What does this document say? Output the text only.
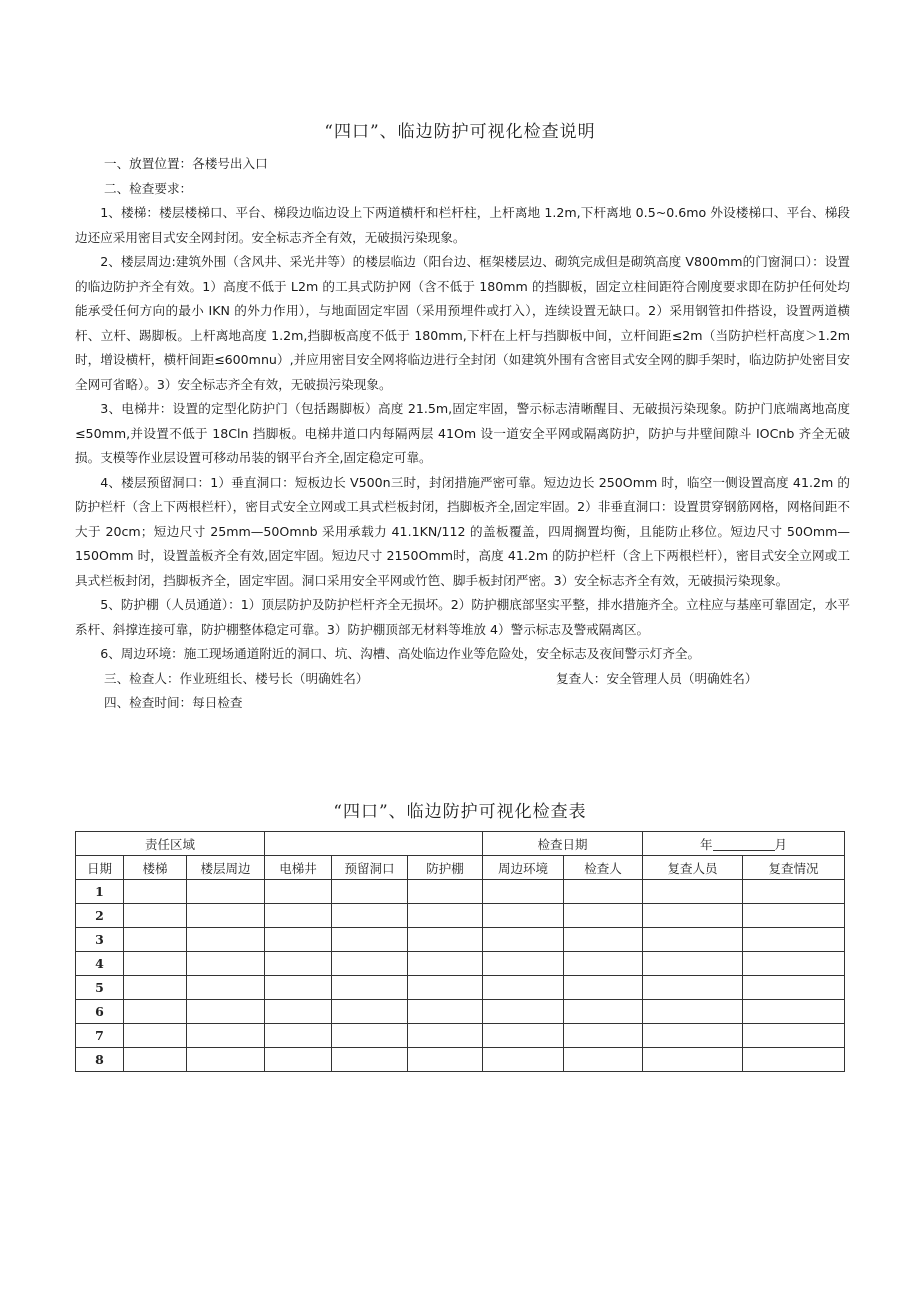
“四口”、临边防护可视化检查说明

一、放置位置：各楼号出入口

二、检查要求：

1、楼梯：楼层楼梯口、平台、梯段边临边设上下两道横杆和栏杆柱，上杆离地 1.2m,下杆离地 0.5~0.6mo 外设楼梯口、平台、梯段边还应采用密目式安全网封闭。安全标志齐全有效，无破损污染现象。

2、楼层周边:建筑外围（含风井、采光井等）的楼层临边（阳台边、框架楼层边、砌筑完成但是砌筑高度 V800mm的门窗洞口）：设置的临边防护齐全有效。1）高度不低于 L2m 的工具式防护网（含不低于 180mm 的挡脚板，固定立柱间距符合刚度要求即在防护任何处均能承受任何方向的最小 IKN 的外力作用），与地面固定牢固（采用预埋件或打入），连续设置无缺口。2）采用钢管扣件搭设，设置两道横杆、立杆、踢脚板。上杆离地高度 1.2m,挡脚板高度不低于 180mm,下杆在上杆与挡脚板中间，立杆间距≤2m（当防护栏杆高度＞1.2m 时，增设横杆，横杆间距≤600mnu）,并应用密目安全网将临边进行全封闭（如建筑外围有含密目式安全网的脚手架时，临边防护处密目安全网可省略）。3）安全标志齐全有效，无破损污染现象。

3、电梯井：设置的定型化防护门（包括踢脚板）高度 21.5m,固定牢固，警示标志清晰醒目、无破损污染现象。防护门底端离地高度≤50mm,并设置不低于 18Cln 挡脚板。电梯井道口内每隔两层 41Om 设一道安全平网或隔离防护，防护与井壁间隙斗 IOCnb 齐全无破损。支模等作业层设置可移动吊装的钢平台齐全,固定稳定可靠。

4、楼层预留洞口：1）垂直洞口：短板边长 V500n三时，封闭措施严密可靠。短边边长 250Omm 时，临空一侧设置高度 41.2m 的防护栏杆（含上下两根栏杆），密目式安全立网或工具式栏板封闭，挡脚板齐全,固定牢固。2）非垂直洞口：设置贯穿钢筋网格，网格间距不大于 20cm；短边尺寸 25mm—50Omnb 采用承载力 41.1KN/112 的盖板覆盖，四周搁置均衡，且能防止移位。短边尺寸 50Omm—150Omm 时，设置盖板齐全有效,固定牢固。短边尺寸 2150Omm时，高度 41.2m 的防护栏杆（含上下两根栏杆），密目式安全立网或工具式栏板封闭，挡脚板齐全，固定牢固。洞口采用安全平网或竹笆、脚手板封闭严密。3）安全标志齐全有效，无破损污染现象。

5、防护棚（人员通道）：1）顶层防护及防护栏杆齐全无损坏。2）防护棚底部坚实平整，排水措施齐全。立柱应与基座可靠固定，水平系杆、斜撑连接可靠，防护棚整体稳定可靠。3）防护棚顶部无材料等堆放 4）警示标志及警戒隔离区。

6、周边环境：施工现场通道附近的洞口、坑、沟槽、高处临边作业等危险处，安全标志及夜间警示灯齐全。

三、检查人：作业班组长、楼号长（明确姓名）	复查人：安全管理人员（明确姓名）

四、检查时间：每日检查

“四口”、临边防护可视化检查表
责任区域						检查日期		年 月	
日期	楼梯	楼层周边	电梯井	预留洞口	防护棚	周边环境	检查人	复查人员	复查情况
1									
2									
3									
4									
5									
6									
7									
8									
